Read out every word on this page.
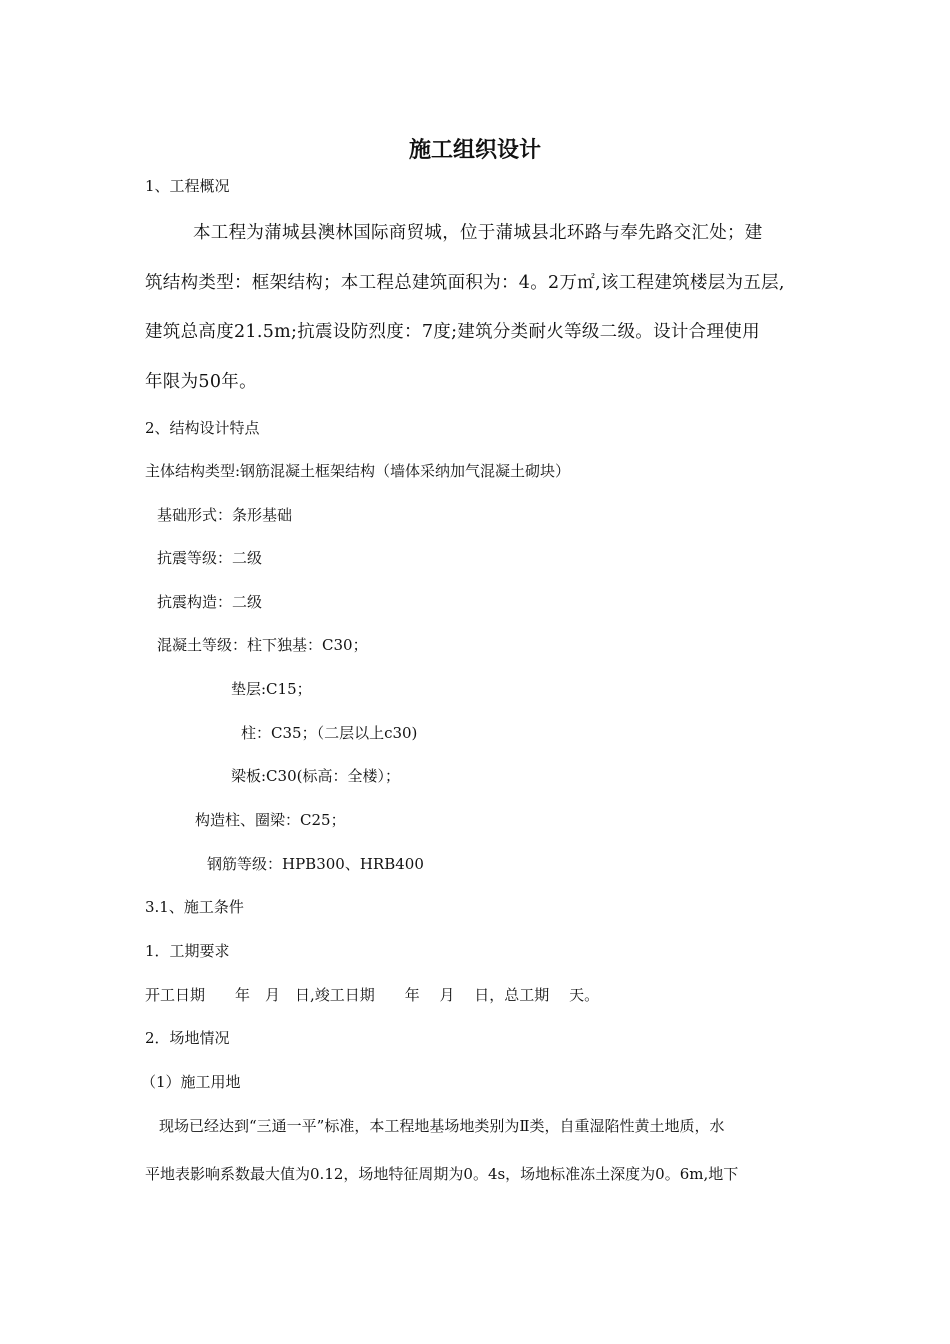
施工组织设计
1、工程概况
本工程为蒲城县澳林国际商贸城，位于蒲城县北环路与奉先路交汇处；建
筑结构类型：框架结构；本工程总建筑面积为：4。2万㎡,该工程建筑楼层为五层,
建筑总高度21.5m;抗震设防烈度：7度;建筑分类耐火等级二级。设计合理使用
年限为50年。
2、结构设计特点
主体结构类型:钢筋混凝土框架结构（墙体采纳加气混凝土砌块）
基础形式：条形基础
抗震等级：二级
抗震构造：二级
混凝土等级：柱下独基：C30；
垫层:C15；
柱：C35；（二层以上c30)
梁板:C30(标高：全楼）；
构造柱、圈梁：C25；
钢筋等级：HPB300、HRB400
3.1、施工条件
1．工期要求
开工日期　　年　月　日,竣工日期　　年　 月　 日，总工期　 天。
2．场地情况
（1）施工用地
现场已经达到“三通一平”标准，本工程地基场地类别为Ⅱ类，自重湿陷性黄土地质，水
平地表影响系数最大值为0.12，场地特征周期为0。4s，场地标准冻土深度为0。6m,地下
